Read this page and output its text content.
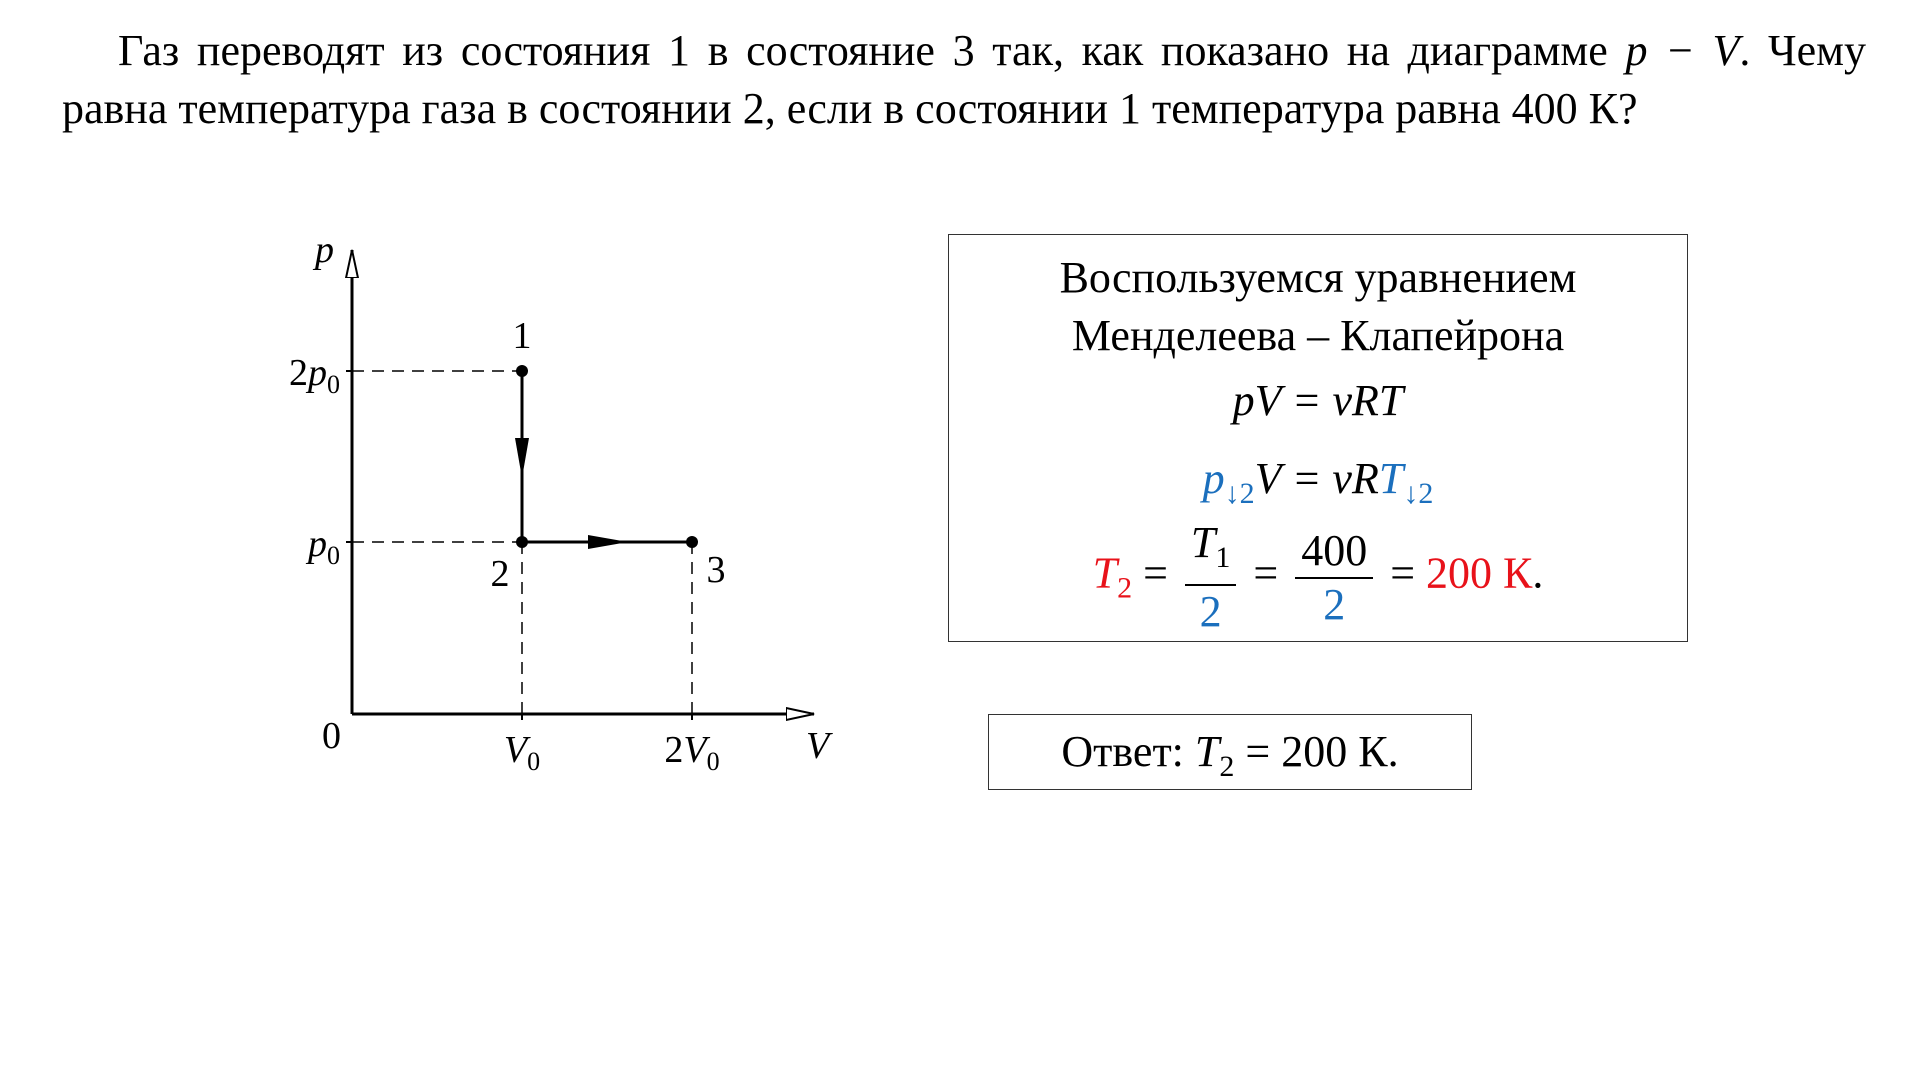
Газ переводят из состояния 1 в состояние 3 так, как показано на диаграмме p − V. Чему равна температура газа в состоянии 2, если в состоянии 1 температура равна 400 К?
p
V
0
$2p_0$
$p_0$
$V_0$	$2V_0$
1
2	3
Воспользуемся уравнением
Менделеева – Клапейрона
pV = νRT
$p_{↓2}V = \nu RT_{↓2}$
$T_2 = \frac{T_1}{2} = \frac{400}{2} = 200$ К.
Ответ: $T_2 = 200$ К.
